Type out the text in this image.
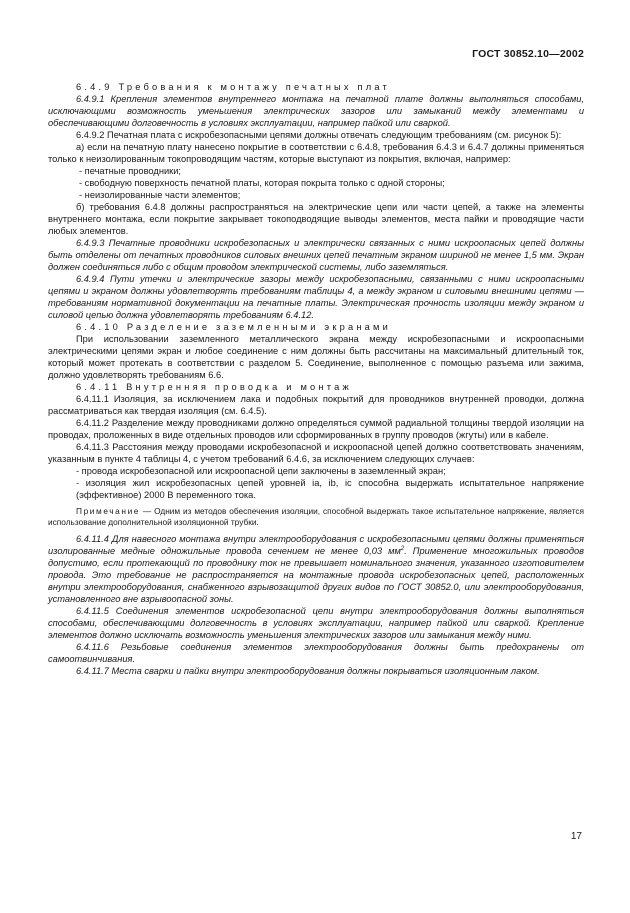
ГОСТ 30852.10—2002

6.4.9 Требования к монтажу печатных плат

6.4.9.1 Крепления элементов внутреннего монтажа на печатной плате должны выполняться способами, исключающими возможность уменьшения электрических зазоров или замыканий между элементами и обеспечивающими долговечность в условиях эксплуатации, например пайкой или сваркой.

6.4.9.2 Печатная плата с искробезопасными цепями должны отвечать следующим требованиям (см. рисунок 5):

а) если на печатную плату нанесено покрытие в соответствии с 6.4.8, требования 6.4.3 и 6.4.7 должны применяться только к неизолированным токопроводящим частям, которые выступают из покрытия, включая, например:

- печатные проводники;

- свободную поверхность печатной платы, которая покрыта только с одной стороны;

- неизолированные части элементов;

б) требования 6.4.8 должны распространяться на электрические цепи или части цепей, а также на элементы внутреннего монтажа, если покрытие закрывает токоподводящие выводы элементов, места пайки и проводящие части любых элементов.

6.4.9.3 Печатные проводники искробезопасных и электрически связанных с ними искроопасных цепей должны быть отделены от печатных проводников силовых внешних цепей печатным экраном шириной не менее 1,5 мм. Экран должен соединяться либо с общим проводом электрической системы, либо заземляться.

6.4.9.4 Пути утечки и электрические зазоры между искробезопасными, связанными с ними искроопасными цепями и экраном должны удовлетворять требованиям таблицы 4, а между экраном и силовыми внешними цепями — требованиям нормативной документации на печатные платы. Электрическая прочность изоляции между экраном и силовой цепью должна удовлетворять требованиям 6.4.12.

6.4.10 Разделение заземленными экранами

При использовании заземленного металлического экрана между искробезопасными и искроопасными электрическими цепями экран и любое соединение с ним должны быть рассчитаны на максимальный длительный ток, который может протекать в соответствии с разделом 5. Соединение, выполненное с помощью разъема или зажима, должно удовлетворять требованиям 6.6.

6.4.11 Внутренняя проводка и монтаж

6.4.11.1 Изоляция, за исключением лака и подобных покрытий для проводников внутренней проводки, должна рассматриваться как твердая изоляция (см. 6.4.5).

6.4.11.2 Разделение между проводниками должно определяться суммой радиальной толщины твердой изоляции на проводах, проложенных в виде отдельных проводов или сформированных в группу проводов (жгуты) или в кабеле.

6.4.11.3 Расстояния между проводами искробезопасной и искроопасной цепей должно соответствовать значениям, указанным в пункте 4 таблицы 4, с учетом требований 6.4.6, за исключением следующих случаев:

- провода искробезопасной или искроопасной цепи заключены в заземленный экран;

- изоляция жил искробезопасных цепей уровней ia, ib, ic способна выдержать испытательное напряжение (эффективное) 2000 В переменного тока.

Примечание — Одним из методов обеспечения изоляции, способной выдержать такое испытательное напряжение, является использование дополнительной изоляционной трубки.

6.4.11.4 Для навесного монтажа внутри электрооборудования с искробезопасными цепями должны применяться изолированные медные одножильные провода сечением не менее 0,03 $мм^2$. Применение многожильных проводов допустимо, если протекающий по проводнику ток не превышает номинального значения, указанного изготовителем провода. Это требование не распространяется на монтажные провода искробезопасных цепей, расположенных внутри электрооборудования, снабженного взрывозащитой других видов по ГОСТ 30852.0, или электрооборудования, установленного вне взрывоопасной зоны.

6.4.11.5 Соединения элементов искробезопасной цепи внутри электрооборудования должны выполняться способами, обеспечивающими долговечность в условиях эксплуатации, например пайкой или сваркой. Крепление элементов должно исключать возможность уменьшения электрических зазоров или замыкания между ними.

6.4.11.6 Резьбовые соединения элементов электрооборудования должны быть предохранены от самоотвинчивания.

6.4.11.7 Места сварки и пайки внутри электрооборудования должны покрываться изоляционным лаком.

17
